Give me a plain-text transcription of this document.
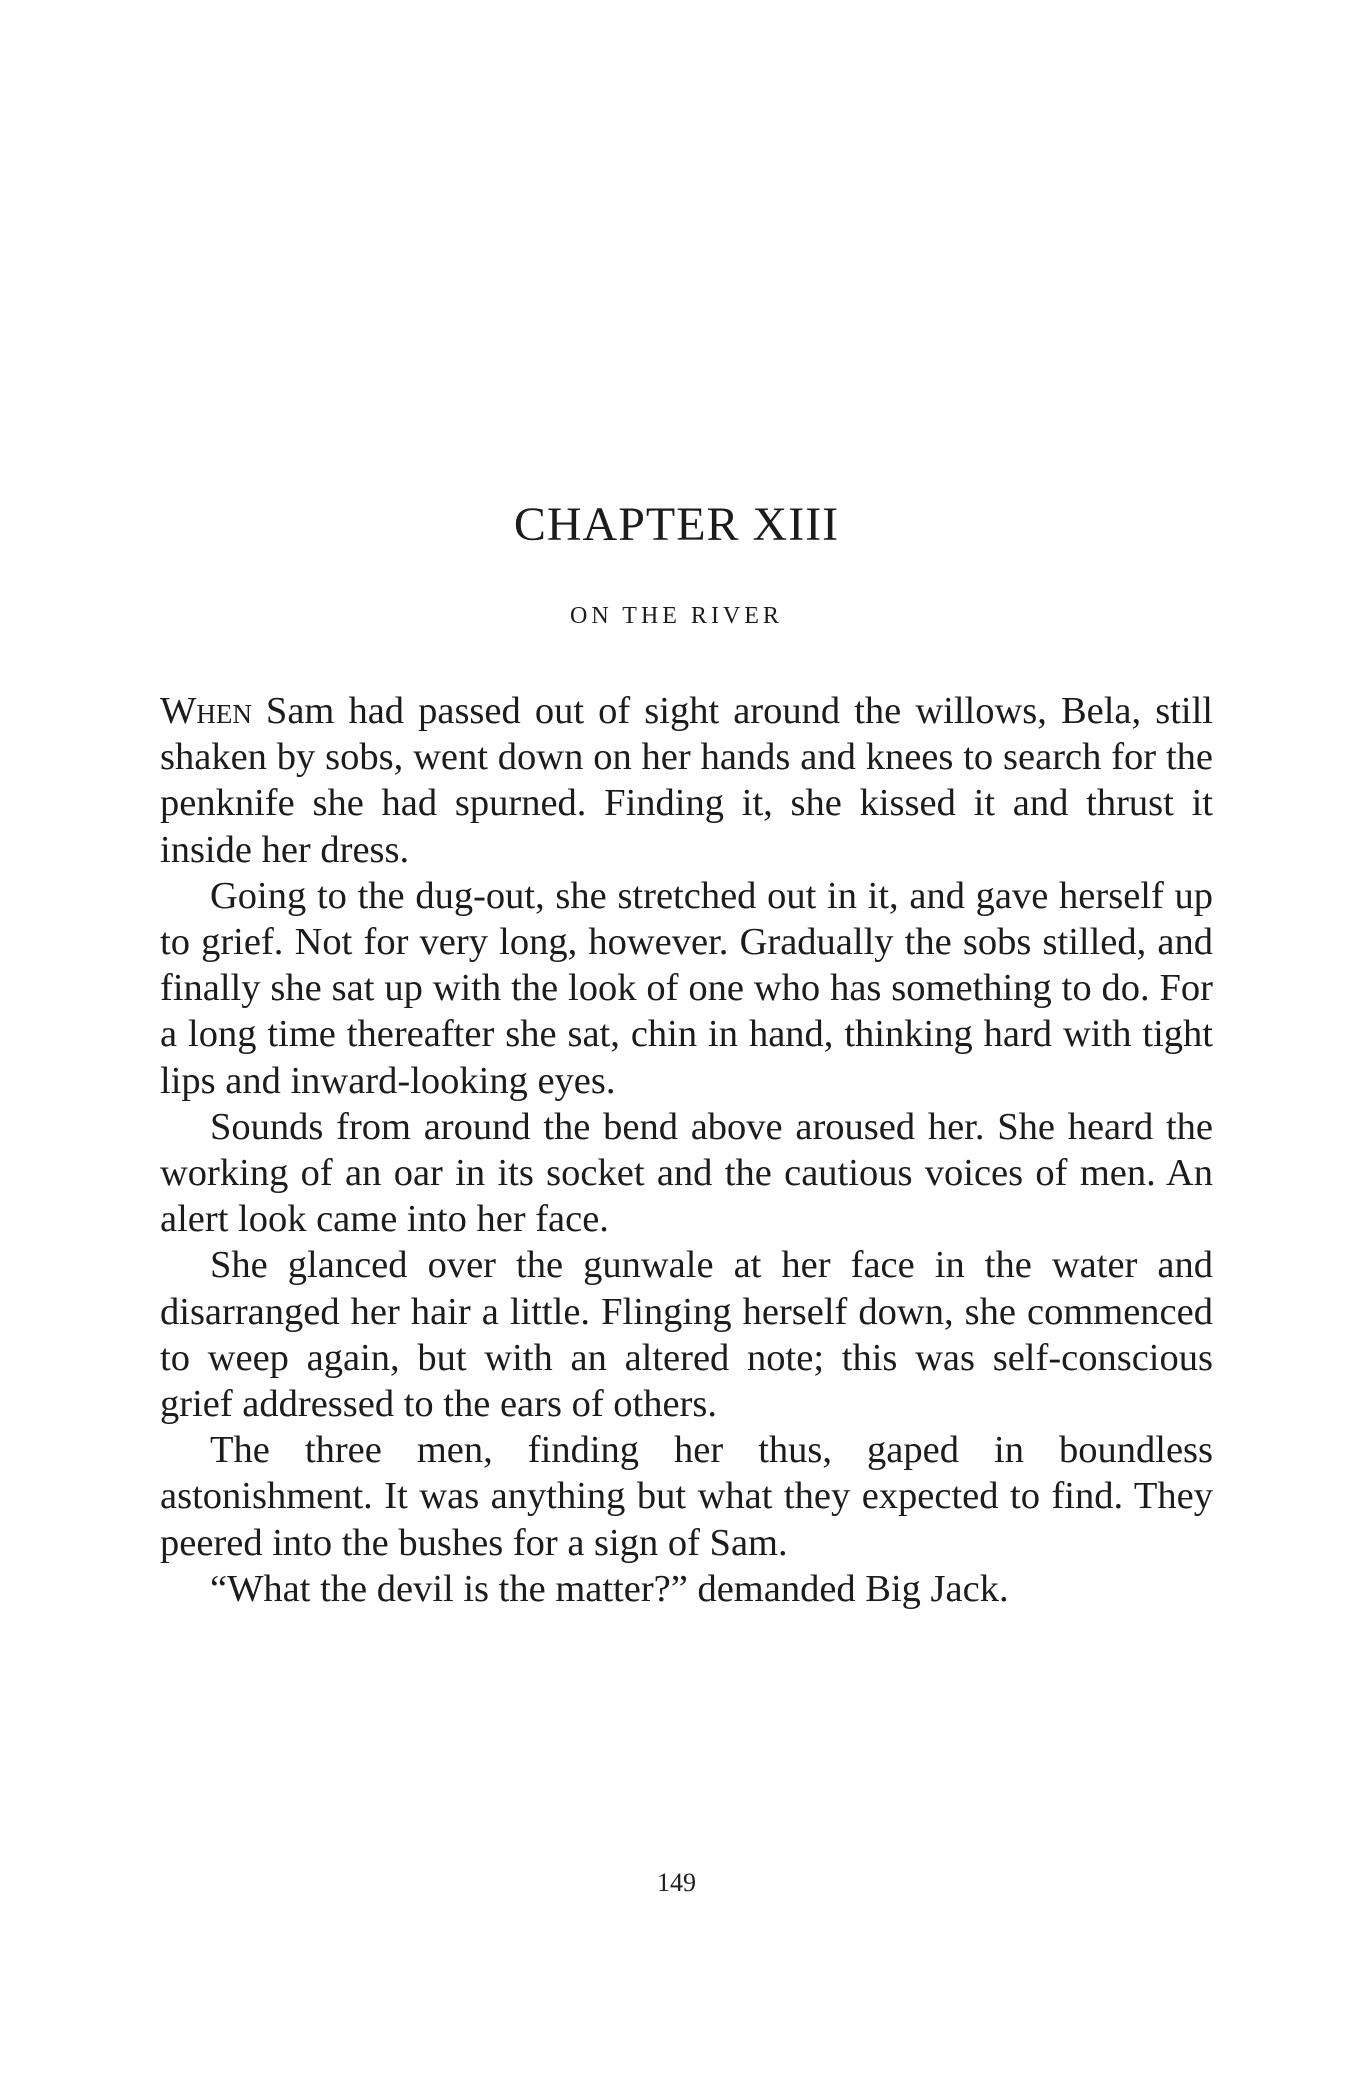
CHAPTER XIII
ON THE RIVER

When Sam had passed out of sight around the willows, Bela, still shaken by sobs, went down on her hands and knees to search for the penknife she had spurned. Finding it, she kissed it and thrust it inside her dress.

Going to the dug-out, she stretched out in it, and gave herself up to grief. Not for very long, however. Gradually the sobs stilled, and finally she sat up with the look of one who has something to do. For a long time thereafter she sat, chin in hand, thinking hard with tight lips and inward-looking eyes.

Sounds from around the bend above aroused her. She heard the working of an oar in its socket and the cautious voices of men. An alert look came into her face.

She glanced over the gunwale at her face in the water and disarranged her hair a little. Flinging herself down, she commenced to weep again, but with an altered note; this was self-conscious grief addressed to the ears of others.

The three men, finding her thus, gaped in boundless astonishment. It was anything but what they expected to find. They peered into the bushes for a sign of Sam.

“What the devil is the matter?” demanded Big Jack.

149
